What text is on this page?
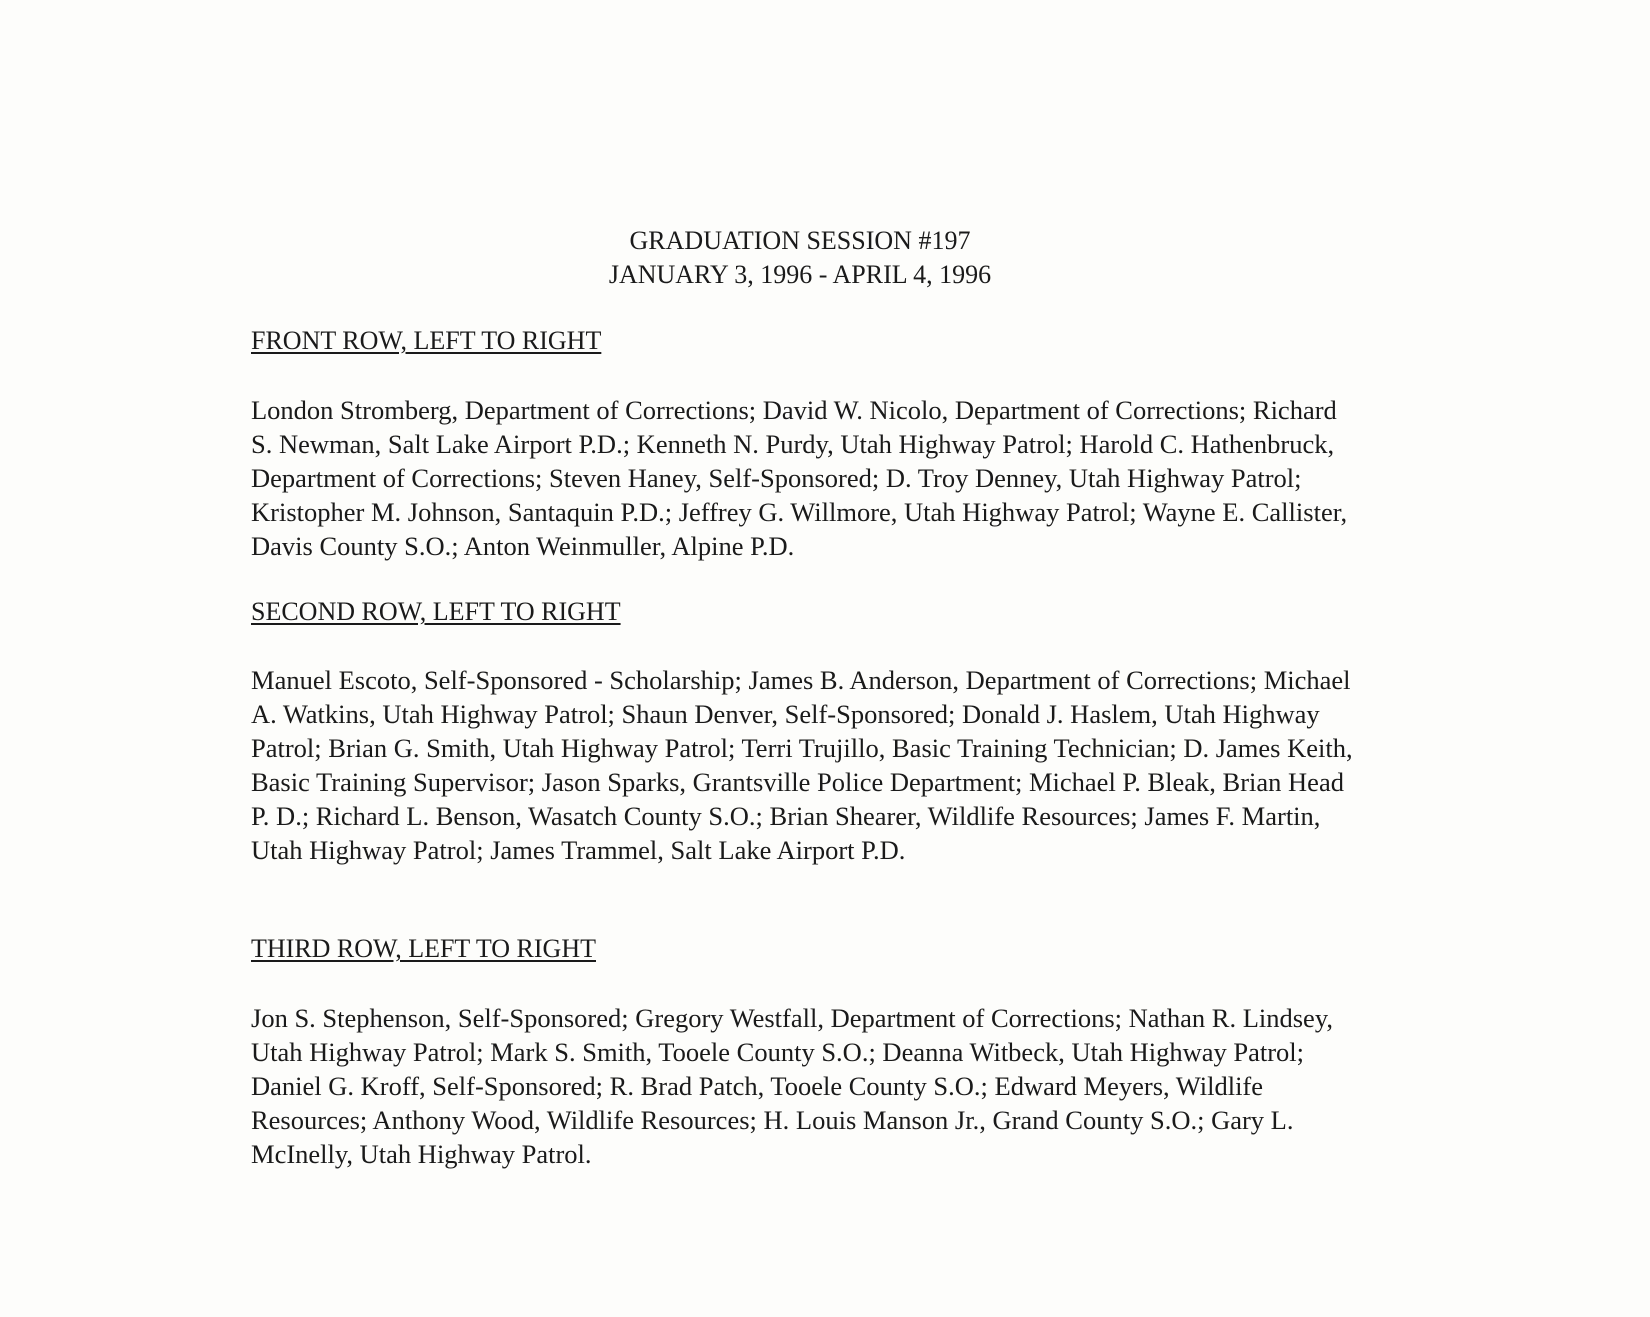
GRADUATION SESSION #197
JANUARY 3, 1996 - APRIL 4, 1996

FRONT ROW, LEFT TO RIGHT

London Stromberg, Department of Corrections; David W. Nicolo, Department of Corrections; Richard S. Newman, Salt Lake Airport P.D.; Kenneth N. Purdy, Utah Highway Patrol; Harold C. Hathenbruck, Department of Corrections; Steven Haney, Self-Sponsored; D. Troy Denney, Utah Highway Patrol; Kristopher M. Johnson, Santaquin P.D.; Jeffrey G. Willmore, Utah Highway Patrol; Wayne E. Callister, Davis County S.O.; Anton Weinmuller, Alpine P.D.

SECOND ROW, LEFT TO RIGHT

Manuel Escoto, Self-Sponsored - Scholarship; James B. Anderson, Department of Corrections; Michael A. Watkins, Utah Highway Patrol; Shaun Denver, Self-Sponsored; Donald J. Haslem, Utah Highway Patrol; Brian G. Smith, Utah Highway Patrol; Terri Trujillo, Basic Training Technician; D. James Keith, Basic Training Supervisor; Jason Sparks, Grantsville Police Department; Michael P. Bleak, Brian Head P. D.; Richard L. Benson, Wasatch County S.O.; Brian Shearer, Wildlife Resources; James F. Martin, Utah Highway Patrol; James Trammel, Salt Lake Airport P.D.

THIRD ROW, LEFT TO RIGHT

Jon S. Stephenson, Self-Sponsored; Gregory Westfall, Department of Corrections; Nathan R. Lindsey, Utah Highway Patrol; Mark S. Smith, Tooele County S.O.; Deanna Witbeck, Utah Highway Patrol; Daniel G. Kroff, Self-Sponsored; R. Brad Patch, Tooele County S.O.; Edward Meyers, Wildlife Resources; Anthony Wood, Wildlife Resources; H. Louis Manson Jr., Grand County S.O.; Gary L. McInelly, Utah Highway Patrol.
